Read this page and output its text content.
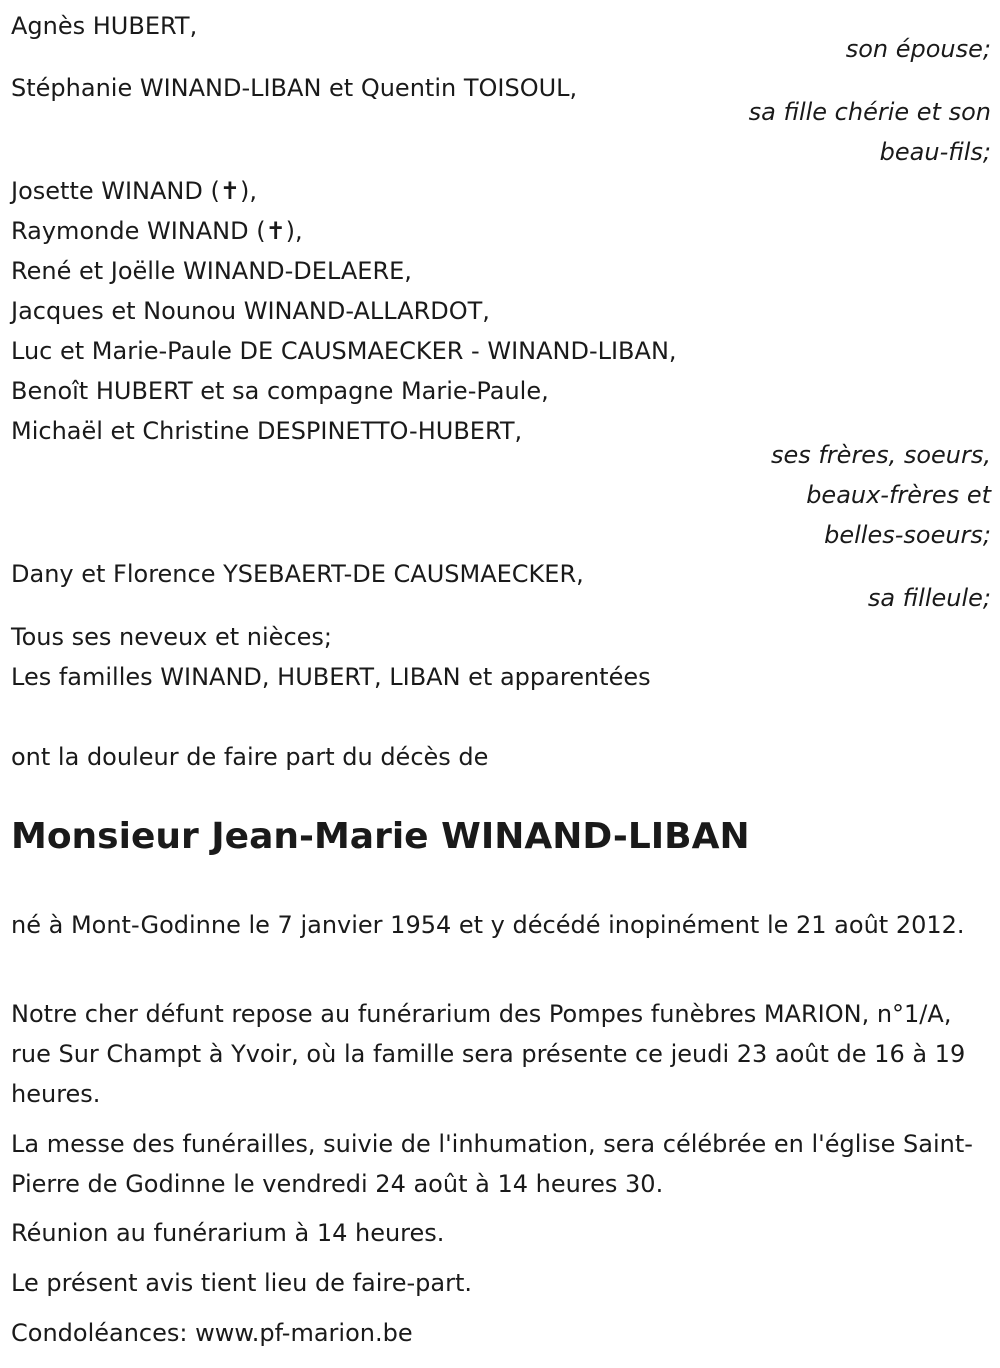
Agnès HUBERT,
son épouse;
Stéphanie WINAND-LIBAN et Quentin TOISOUL,
sa fille chérie et son
beau-fils;
Josette WINAND (✝),
Raymonde WINAND (✝),
René et Joëlle WINAND-DELAERE,
Jacques et Nounou WINAND-ALLARDOT,
Luc et Marie-Paule DE CAUSMAECKER - WINAND-LIBAN,
Benoît HUBERT et sa compagne Marie-Paule,
Michaël et Christine DESPINETTO-HUBERT,
ses frères, soeurs,
beaux-frères et
belles-soeurs;
Dany et Florence YSEBAERT-DE CAUSMAECKER,
sa filleule;
Tous ses neveux et nièces;
Les familles WINAND, HUBERT, LIBAN et apparentées
ont la douleur de faire part du décès de
Monsieur Jean-Marie WINAND-LIBAN
né à Mont-Godinne le 7 janvier 1954 et y décédé inopinément le 21 août 2012.
Notre cher défunt repose au funérarium des Pompes funèbres MARION, n°1/A, rue Sur Champt à Yvoir, où la famille sera présente ce jeudi 23 août de 16 à 19 heures.
La messe des funérailles, suivie de l'inhumation, sera célébrée en l'église Saint-Pierre de Godinne le vendredi 24 août à 14 heures 30.
Réunion au funérarium à 14 heures.
Le présent avis tient lieu de faire-part.
Condoléances: www.pf-marion.be
